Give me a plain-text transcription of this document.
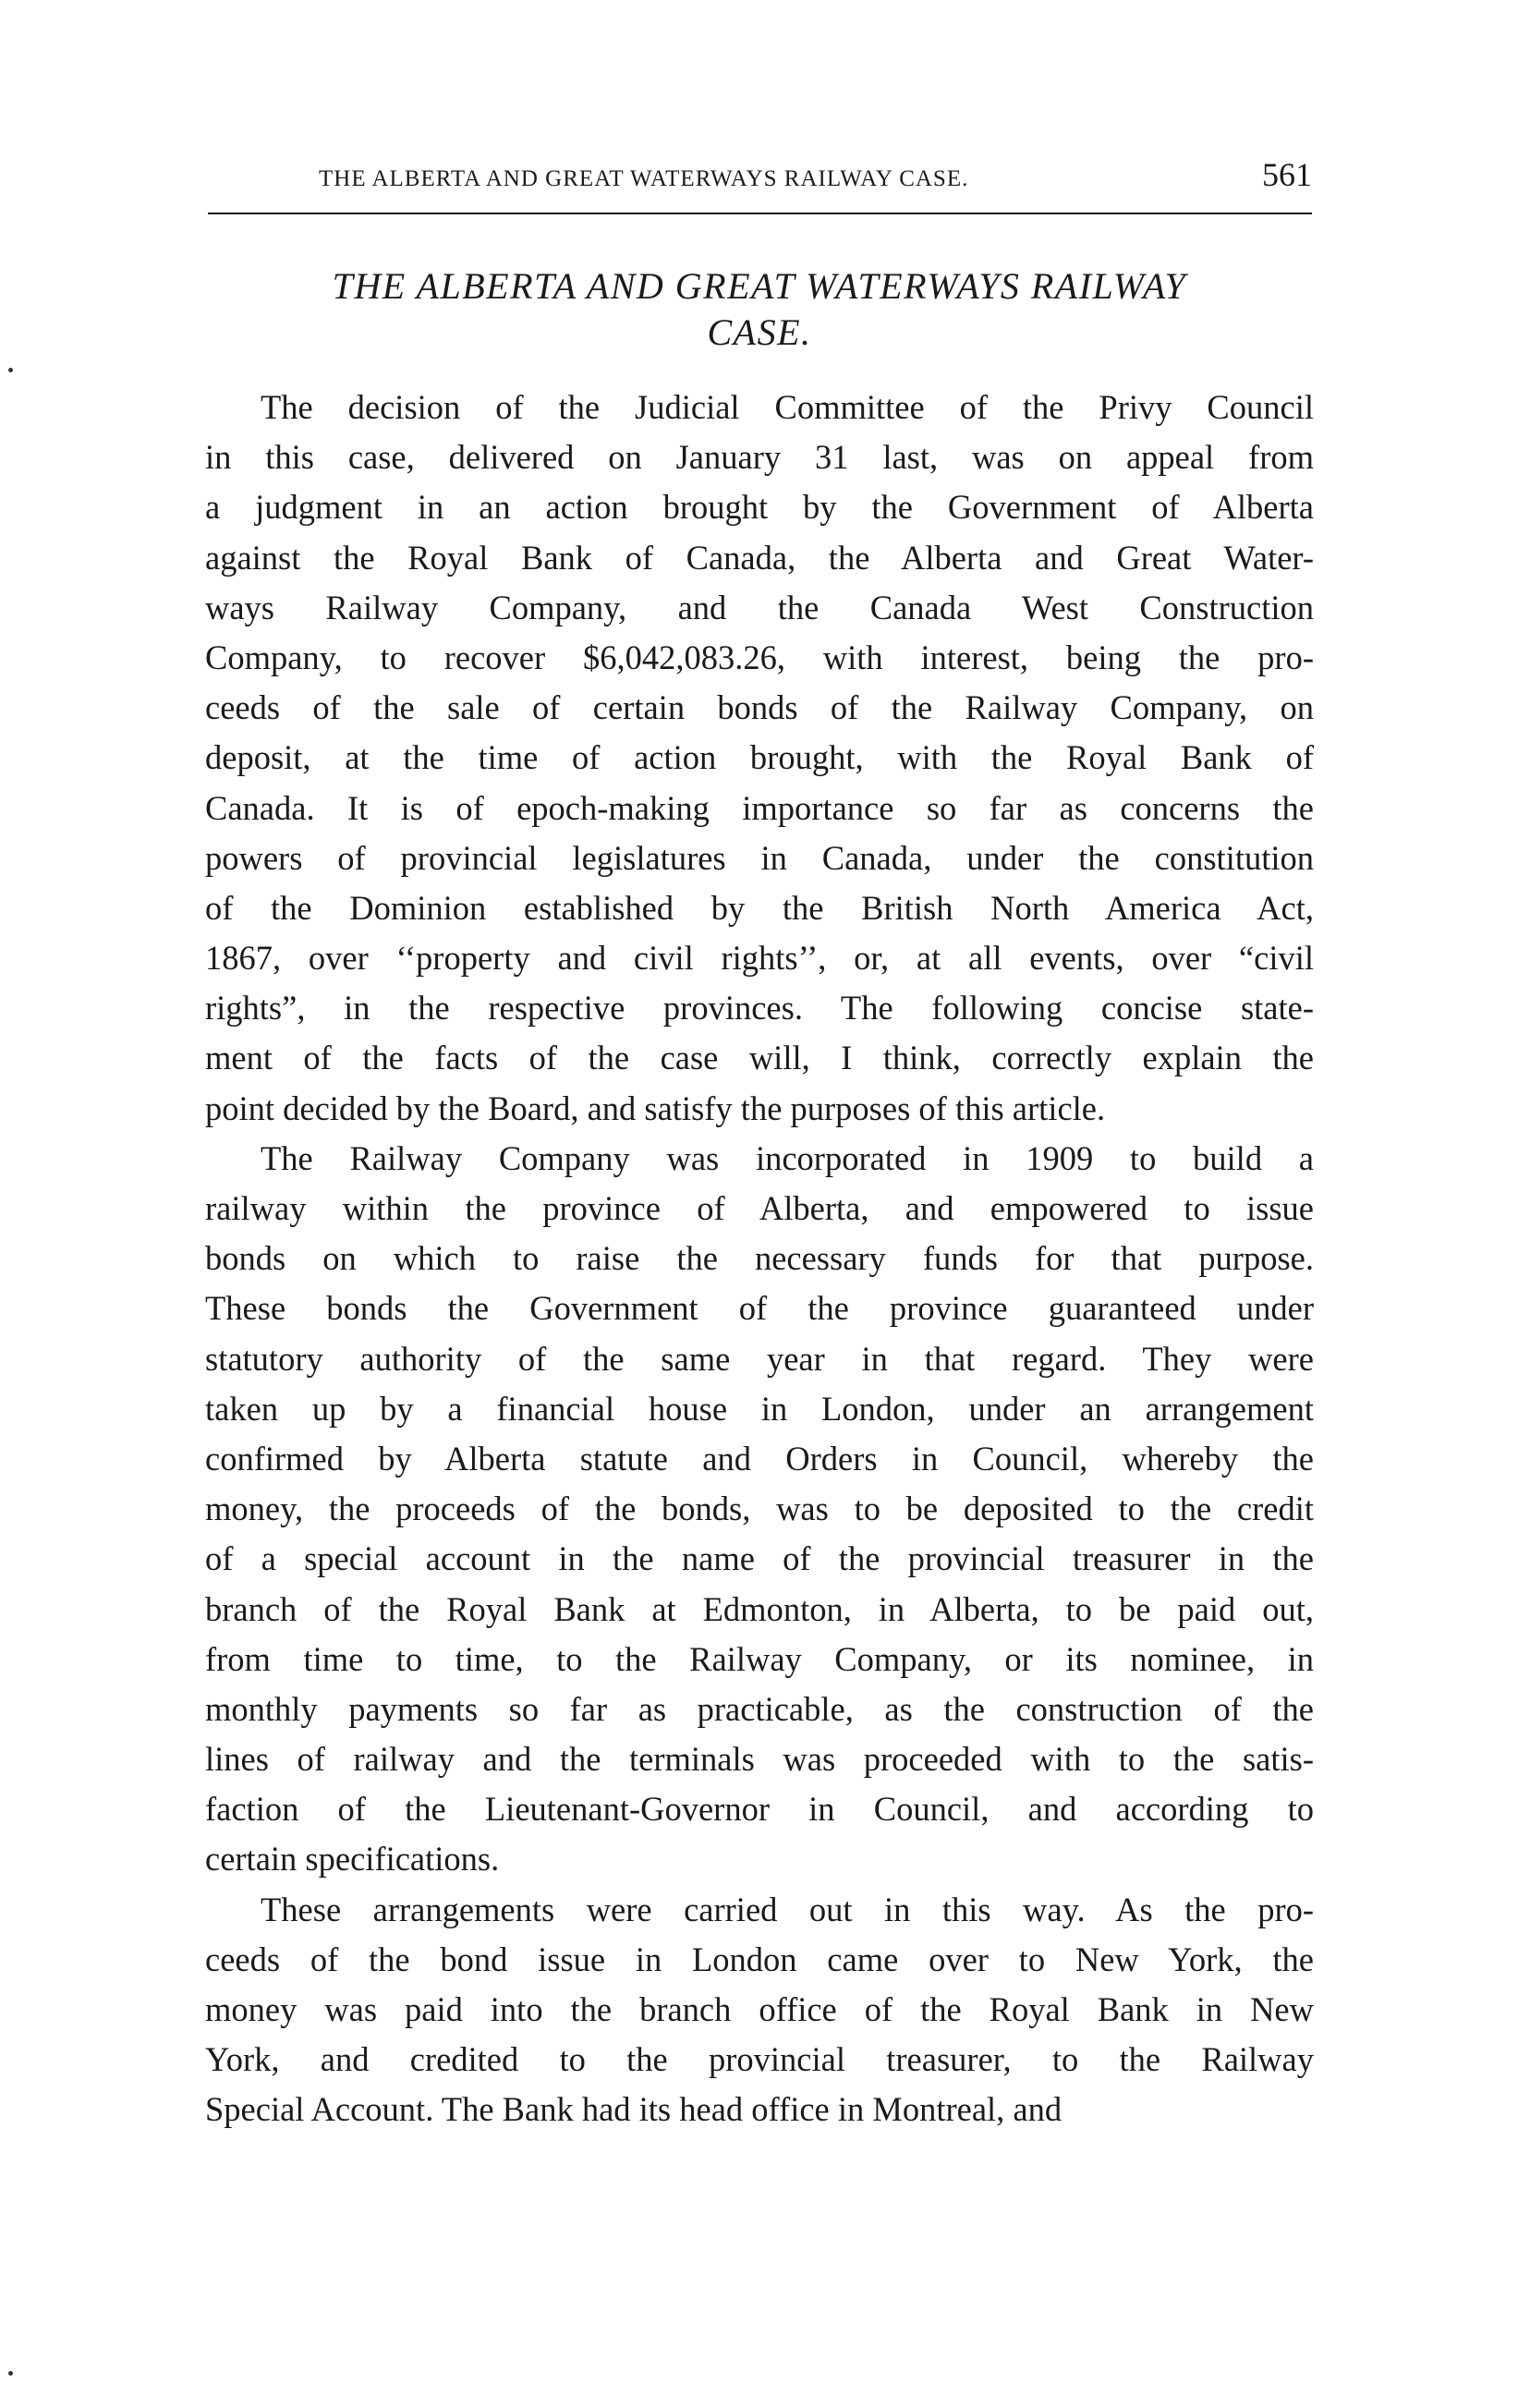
THE ALBERTA AND GREAT WATERWAYS RAILWAY CASE.	561
THE ALBERTA AND GREAT WATERWAYS RAILWAY
CASE.
The decision of the Judicial Committee of the Privy Council
in this case, delivered on January 31 last, was on appeal from
a judgment in an action brought by the Government of Alberta
against the Royal Bank of Canada, the Alberta and Great Water-
ways Railway Company, and the Canada West Construction
Company, to recover $6,042,083.26, with interest, being the pro-
ceeds of the sale of certain bonds of the Railway Company, on
deposit, at the time of action brought, with the Royal Bank of
Canada. It is of epoch-making importance so far as concerns the
powers of provincial legislatures in Canada, under the constitution
of the Dominion established by the British North America Act,
1867, over ‘‘property and civil rights’’, or, at all events, over “civil
rights”, in the respective provinces. The following concise state-
ment of the facts of the case will, I think, correctly explain the
point decided by the Board, and satisfy the purposes of this article.
The Railway Company was incorporated in 1909 to build a
railway within the province of Alberta, and empowered to issue
bonds on which to raise the necessary funds for that purpose.
These bonds the Government of the province guaranteed under
statutory authority of the same year in that regard. They were
taken up by a financial house in London, under an arrangement
confirmed by Alberta statute and Orders in Council, whereby the
money, the proceeds of the bonds, was to be deposited to the credit
of a special account in the name of the provincial treasurer in the
branch of the Royal Bank at Edmonton, in Alberta, to be paid out,
from time to time, to the Railway Company, or its nominee, in
monthly payments so far as practicable, as the construction of the
lines of railway and the terminals was proceeded with to the satis-
faction of the Lieutenant-Governor in Council, and according to
certain specifications.
These arrangements were carried out in this way. As the pro-
ceeds of the bond issue in London came over to New York, the
money was paid into the branch office of the Royal Bank in New
York, and credited to the provincial treasurer, to the Railway
Special Account. The Bank had its head office in Montreal, and
